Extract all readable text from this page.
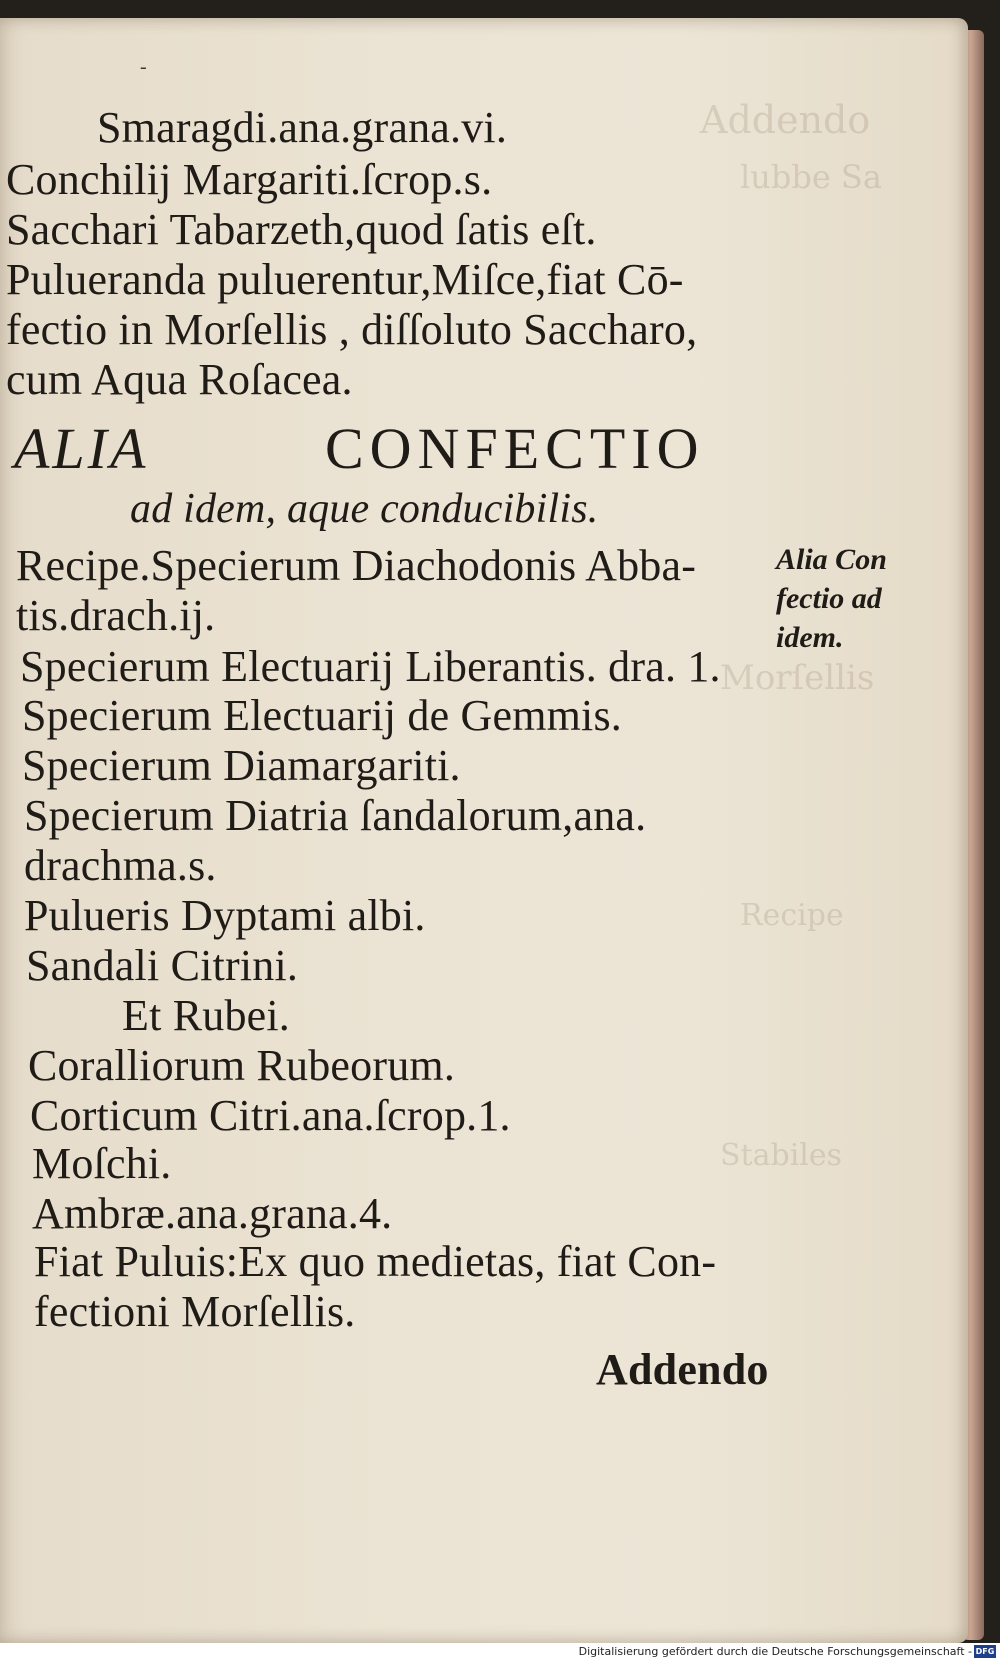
Addendo
lubbe Sa
Morſellis
Recipe
Stabiles
Smaragdi.ana.grana.vi.
Conchilij Margariti.ſcrop.s.
Sacchari Tabarzeth,quod ſatis eſt.
Pulueranda puluerentur,Miſce,fiat Cō-
fectio in Morſellis , diſſoluto Saccharo,
cum Aqua Roſacea.
ALIA	CONFECTIO
ad idem, aque conducibilis.
Recipe.Specierum Diachodonis Abba-
tis.drach.ij.
Specierum Electuarij Liberantis. dra. 1.
Specierum Electuarij de Gemmis.
Specierum Diamargariti.
Specierum Diatria ſandalorum,ana.
drachma.s.
Pulueris Dyptami albi.
Sandali Citrini.
Et Rubei.
Coralliorum Rubeorum.
Corticum Citri.ana.ſcrop.1.
Moſchi.
Ambræ.ana.grana.4.
Fiat Puluis:Ex quo medietas, fiat Con-
fectioni Morſellis.
Addendo
Alia Con
fectio ad
idem.
-
Digitalisierung gefördert durch die Deutsche Forschungsgemeinschaft - DFG
